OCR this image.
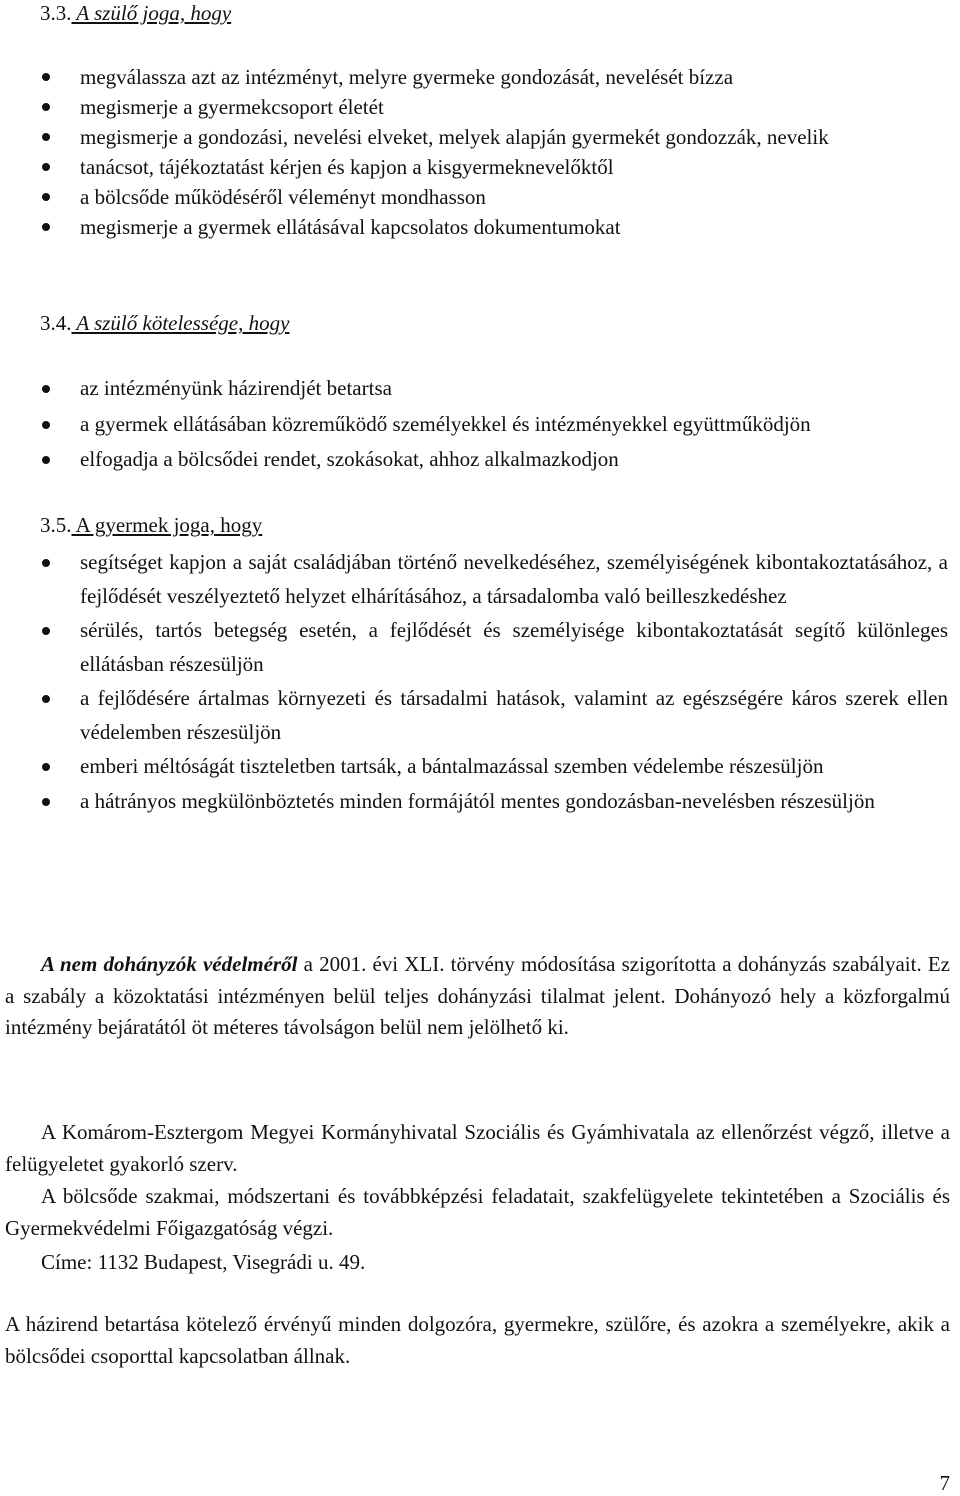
3.3. A szülő joga, hogy
megválassza azt az intézményt, melyre gyermeke gondozását, nevelését bízza
megismerje a gyermekcsoport életét
megismerje a gondozási, nevelési elveket, melyek alapján gyermekét gondozzák, nevelik
tanácsot, tájékoztatást kérjen és kapjon a kisgyermeknevelőktől
a bölcsőde működéséről véleményt mondhasson
megismerje a gyermek ellátásával kapcsolatos dokumentumokat
3.4. A szülő kötelessége, hogy
az intézményünk házirendjét betartsa
a gyermek ellátásában közreműködő személyekkel és intézményekkel együttműködjön
elfogadja a bölcsődei rendet, szokásokat, ahhoz alkalmazkodjon
3.5. A gyermek joga, hogy
segítséget kapjon a saját családjában történő nevelkedéséhez, személyiségének kibontakoztatásához, a fejlődését veszélyeztető helyzet elhárításához, a társadalomba való beilleszkedéshez
sérülés, tartós betegség esetén, a fejlődését és személyisége kibontakoztatását segítő különleges ellátásban részesüljön
a fejlődésére ártalmas környezeti és társadalmi hatások, valamint az egészségére káros szerek ellen védelemben részesüljön
emberi méltóságát tiszteletben tartsák, a bántalmazással szemben védelembe részesüljön
a hátrányos megkülönböztetés minden formájától mentes gondozásban-nevelésben részesüljön
A nem dohányzók védelméről a 2001. évi XLI. törvény módosítása szigorította a dohányzás szabályait. Ez a szabály a közoktatási intézményen belül teljes dohányzási tilalmat jelent. Dohányozó hely a közforgalmú intézmény bejáratától öt méteres távolságon belül nem jelölhető ki.
A Komárom-Esztergom Megyei Kormányhivatal Szociális és Gyámhivatala az ellenőrzést végző, illetve a felügyeletet gyakorló szerv.
A bölcsőde szakmai, módszertani és továbbképzési feladatait, szakfelügyelete tekintetében a Szociális és Gyermekvédelmi Főigazgatóság végzi.
Címe: 1132 Budapest, Visegrádi u. 49.
A házirend betartása kötelező érvényű minden dolgozóra, gyermekre, szülőre, és azokra a személyekre, akik a bölcsődei csoporttal kapcsolatban állnak.
7
